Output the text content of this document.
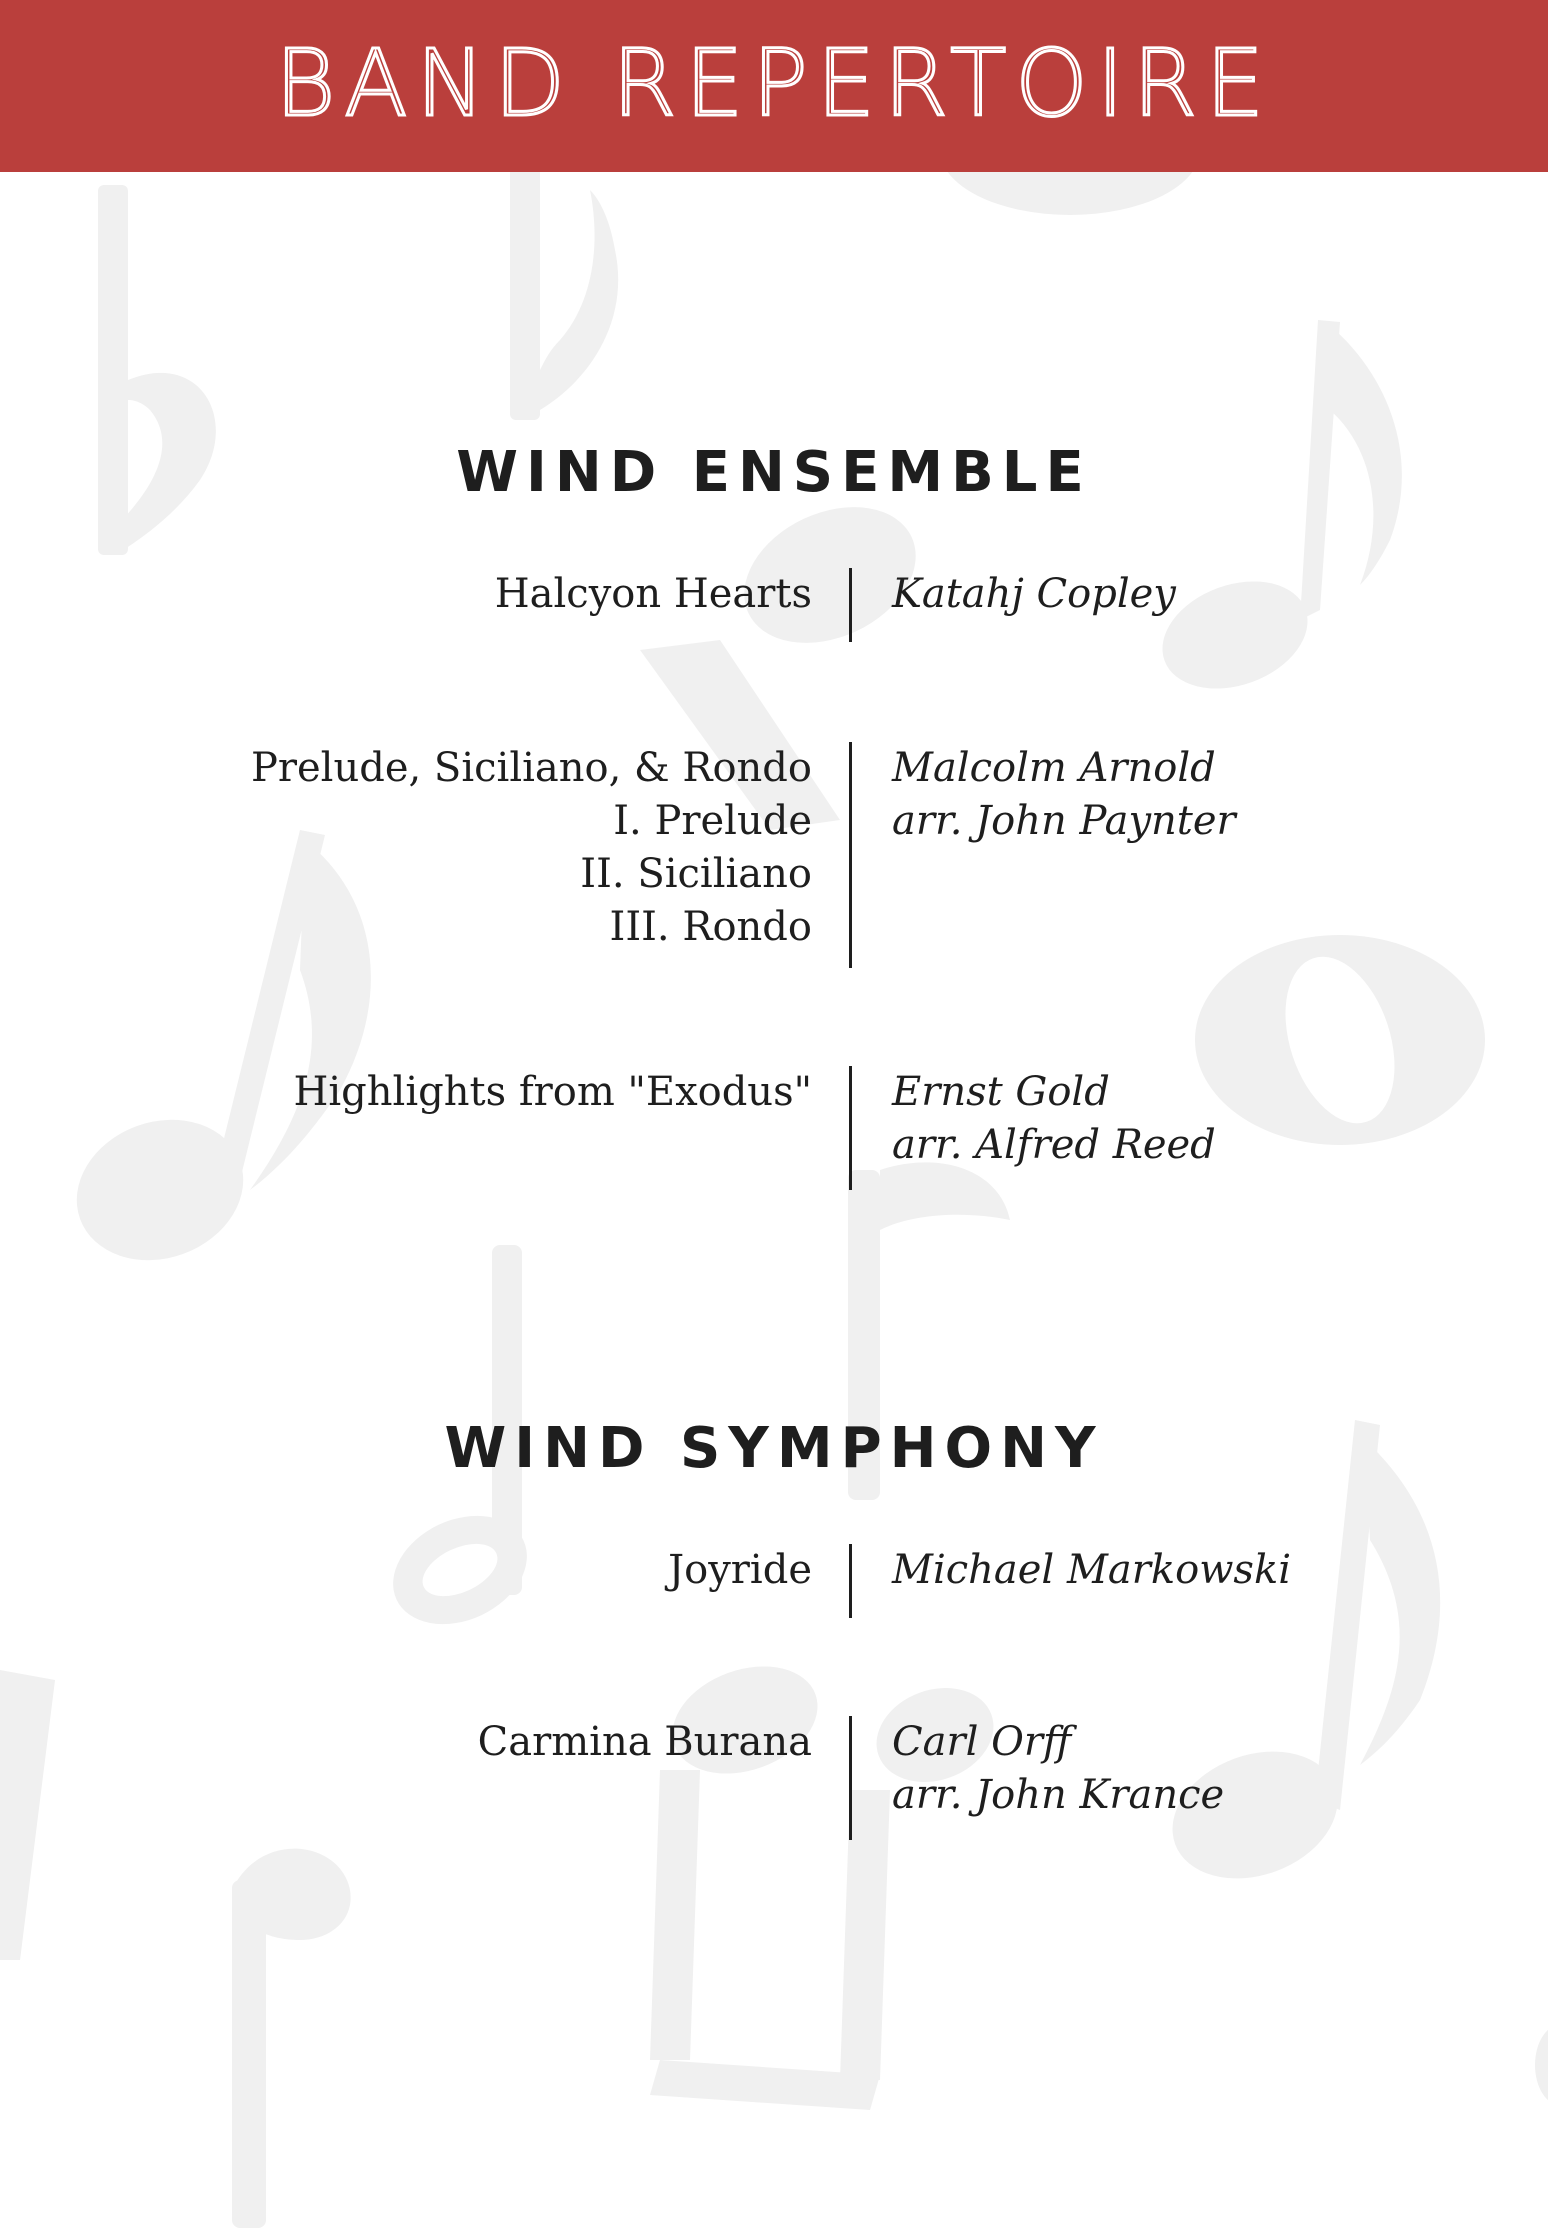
BAND REPERTOIRE
WIND ENSEMBLE
Halcyon Hearts Katahj Copley
Prelude, Siciliano, & Rondo
I. Prelude
II. Siciliano
III. Rondo
Malcolm Arnold
arr. John Paynter
Highlights from "Exodus" Ernst Gold
arr. Alfred Reed
WIND SYMPHONY
Joyride Michael Markowski
Carmina Burana Carl Orff
arr. John Krance
